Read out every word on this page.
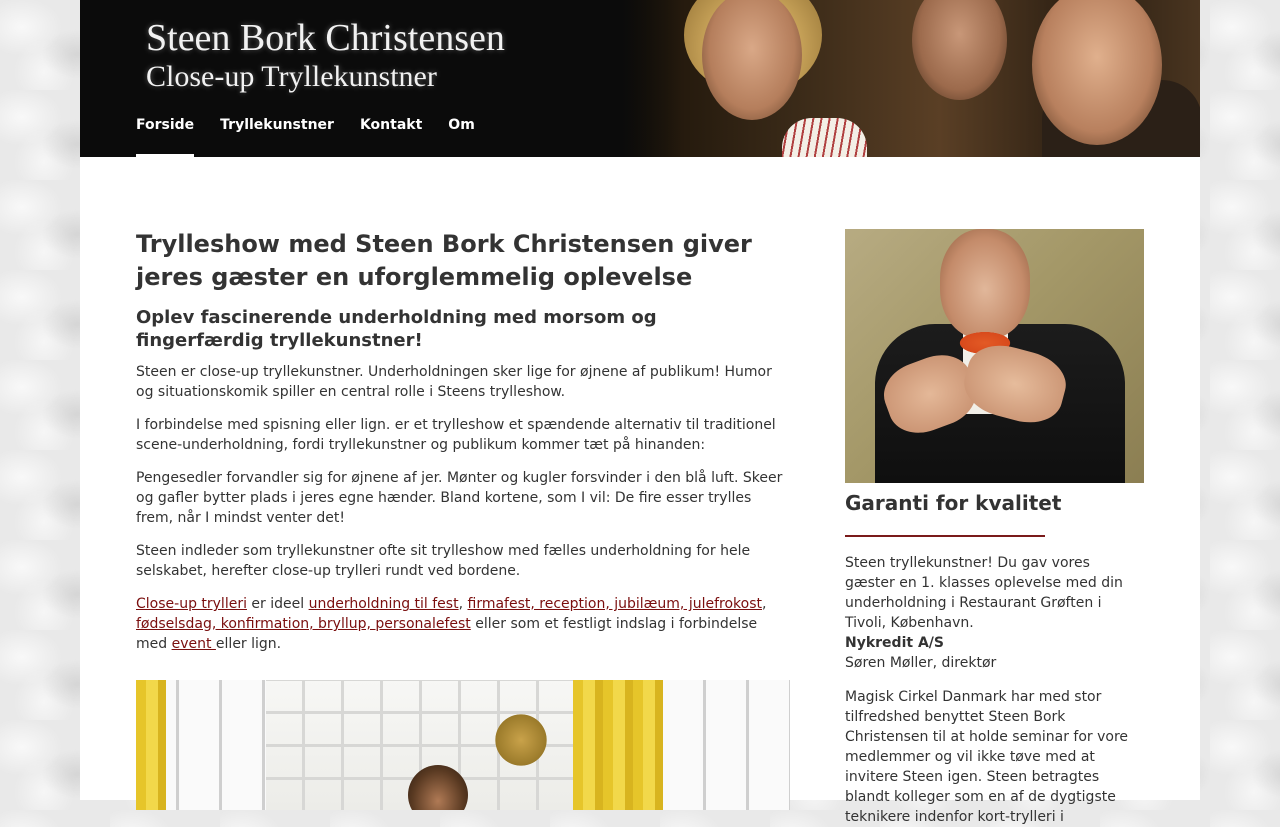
Steen Bork Christensen
Close-up Tryllekunstner
Forside Tryllekunstner Kontakt Om
Trylleshow med Steen Bork Christensen giver jeres gæster en uforglemmelig oplevelse
Oplev fascinerende underholdning med morsom og fingerfærdig tryllekunstner!

Steen er close-up tryllekunstner. Underholdningen sker lige for øjnene af publikum! Humor og situationskomik spiller en central rolle i Steens trylleshow.

I forbindelse med spisning eller lign. er et trylleshow et spændende alternativ til traditionel scene-underholdning, fordi tryllekunstner og publikum kommer tæt på hinanden:

Pengesedler forvandler sig for øjnene af jer. Mønter og kugler forsvinder i den blå luft. Skeer og gafler bytter plads i jeres egne hænder. Bland kortene, som I vil: De fire esser trylles frem, når I mindst venter det!

Steen indleder som tryllekunstner ofte sit trylleshow med fælles underholdning for hele selskabet, herefter close-up trylleri rundt ved bordene.

Close-up trylleri er ideel underholdning til fest, firmafest, reception, jubilæum, julefrokost, fødselsdag, konfirmation, bryllup, personalefest eller som et festligt indslag i forbindelse med event eller lign.

Garanti for kvalitet

Steen tryllekunstner! Du gav vores gæster en 1. klasses oplevelse med din underholdning i Restaurant Grøften i Tivoli, København.

Nykredit A/S

Søren Møller, direktør

Magisk Cirkel Danmark har med stor tilfredshed benyttet Steen Bork Christensen til at holde seminar for vore medlemmer og vil ikke tøve med at invitere Steen igen. Steen betragtes blandt kolleger som en af de dygtigste teknikere indenfor kort-trylleri i
